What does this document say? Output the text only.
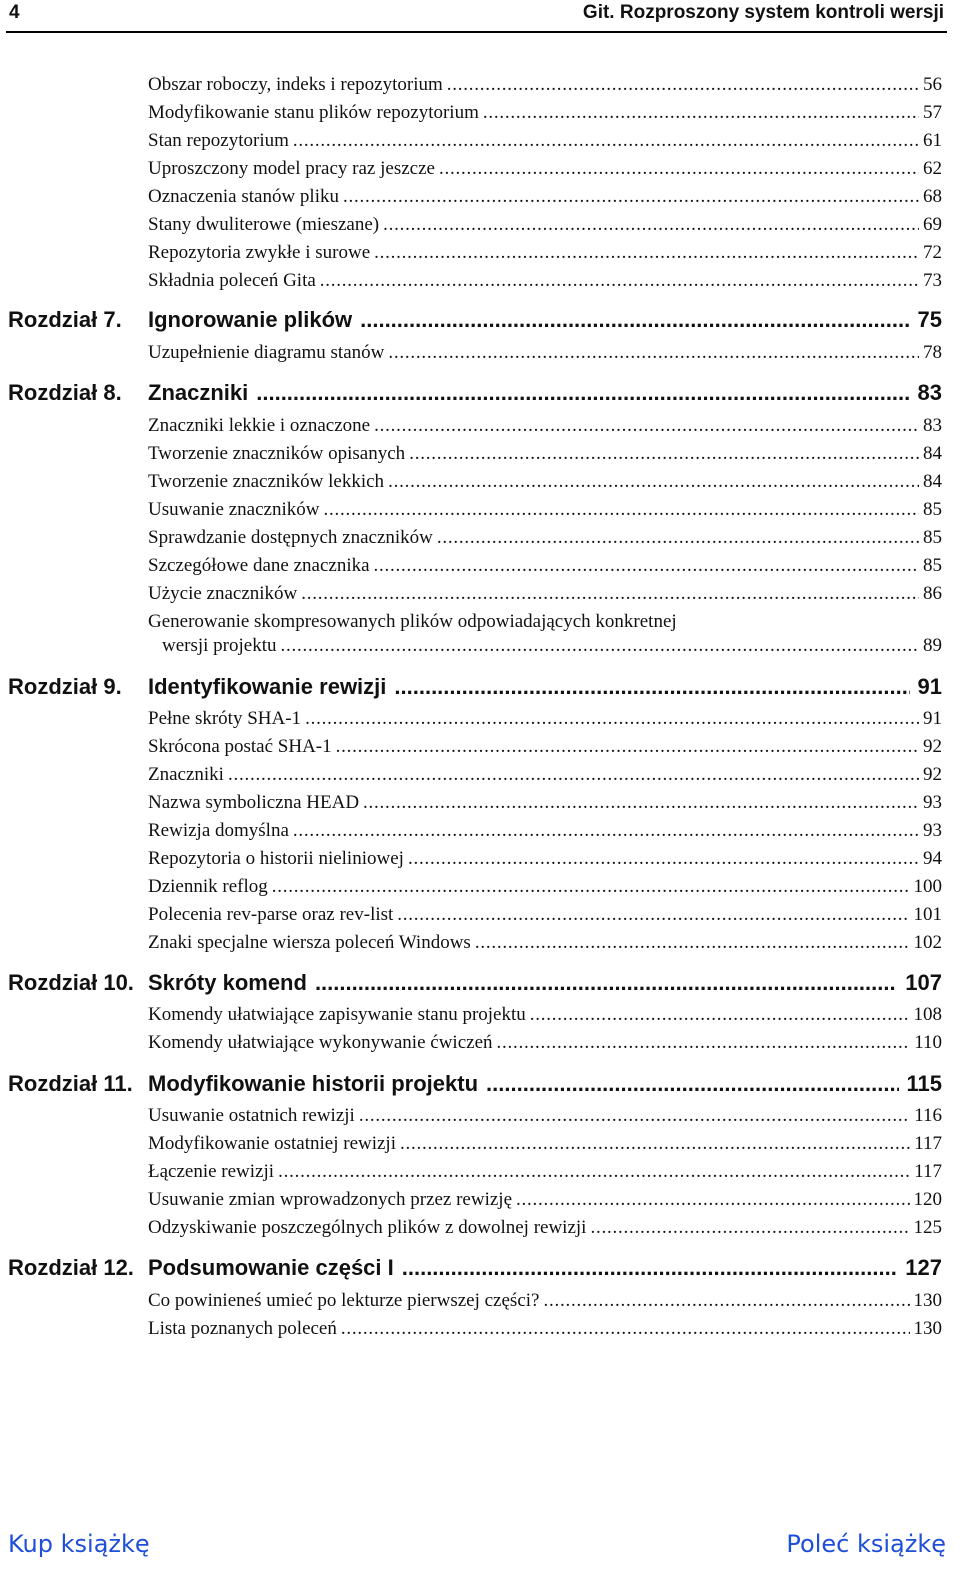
4	Git. Rozproszony system kontroli wersji
Obszar roboczy, indeks i repozytorium . . .	56
Modyfikowanie stanu plików repozytorium . . .	57
Stan repozytorium . . .	61
Uproszczony model pracy raz jeszcze . . .	62
Oznaczenia stanów pliku . . .	68
Stany dwuliterowe (mieszane) . . .	69
Repozytoria zwykłe i surowe . . .	72
Składnia poleceń Gita . . .	73
Rozdział 7.	Ignorowanie plików .....	75
Uzupełnienie diagramu stanów . . .	78
Rozdział 8.	Znaczniki .....	83
Znaczniki lekkie i oznaczone . . .	83
Tworzenie znaczników opisanych . . .	84
Tworzenie znaczników lekkich . . .	84
Usuwanie znaczników . . .	85
Sprawdzanie dostępnych znaczników . . .	85
Szczegółowe dane znacznika . . .	85
Użycie znaczników . . .	86
Generowanie skompresowanych plików odpowiadających konkretnej
wersji projektu . . .	89
Rozdział 9.	Identyfikowanie rewizji .....	91
Pełne skróty SHA-1 . . .	91
Skrócona postać SHA-1 . . .	92
Znaczniki . . .	92
Nazwa symboliczna HEAD . . .	93
Rewizja domyślna . . .	93
Repozytoria o historii nieliniowej . . .	94
Dziennik reflog . . .	100
Polecenia rev-parse oraz rev-list . . .	101
Znaki specjalne wiersza poleceń Windows . . .	102
Rozdział 10. Skróty komend .....	107
Komendy ułatwiające zapisywanie stanu projektu . . .	108
Komendy ułatwiające wykonywanie ćwiczeń . . .	110
Rozdział 11. Modyfikowanie historii projektu .....	115
Usuwanie ostatnich rewizji . . .	116
Modyfikowanie ostatniej rewizji . . .	117
Łączenie rewizji . . .	117
Usuwanie zmian wprowadzonych przez rewizję . . .	120
Odzyskiwanie poszczególnych plików z dowolnej rewizji . . .	125
Rozdział 12. Podsumowanie części I .....	127
Co powinieneś umieć po lekturze pierwszej części? . . .	130
Lista poznanych poleceń . . .	130
Kup książkę	Poleć książkę
